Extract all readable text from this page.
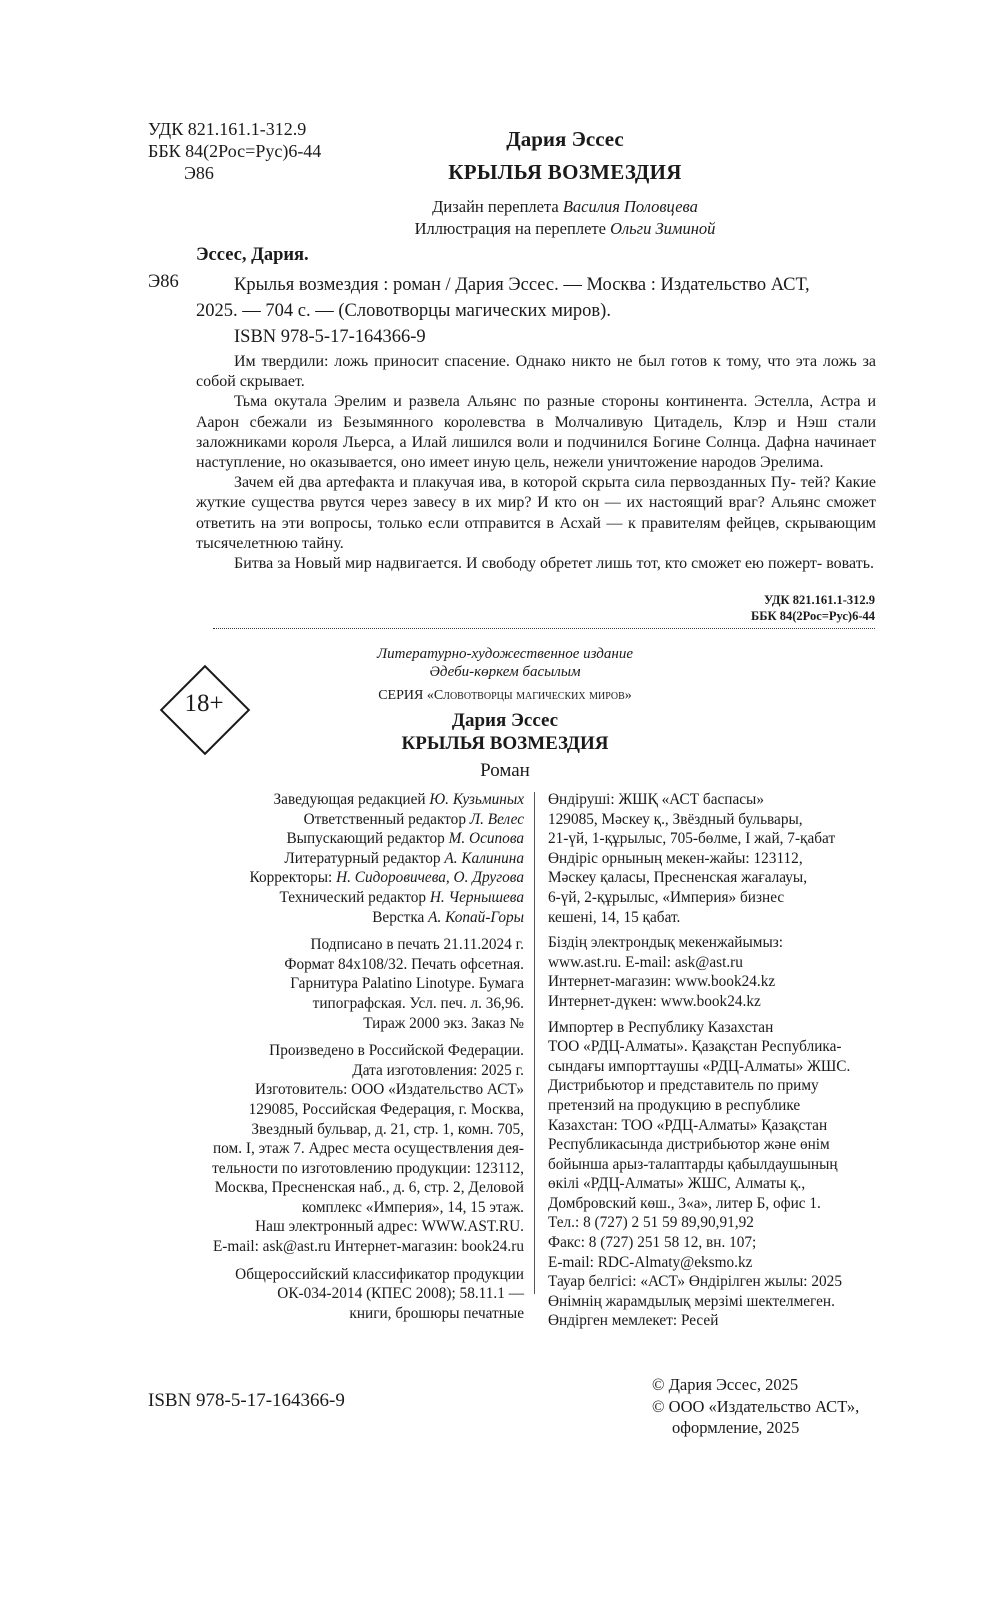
УДК 821.161.1-312.9
ББК 84(2Рос=Рус)6-44
Э86
Дария Эссес
КРЫЛЬЯ ВОЗМЕЗДИЯ
Дизайн переплета Василия Половцева
Иллюстрация на переплете Ольги Зиминой
Эссес, Дария.
Э86	Крылья возмездия : роман / Дария Эссес. — Москва : Издательство АСТ,
2025. — 704 с. — (Словотворцы магических миров).
ISBN 978-5-17-164366-9

Им твердили: ложь приносит спасение. Однако никто не был готов к тому, что эта ложь за собой скрывает.

Тьма окутала Эрелим и развела Альянс по разные стороны континента. Эстелла, Астра и Аарон сбежали из Безымянного королевства в Молчаливую Цитадель, Клэр и Нэш стали заложниками короля Льерса, а Илай лишился воли и подчинился Богине Солнца. Дафна начинает наступление, но оказывается, оно имеет иную цель, нежели уничтожение народов Эрелима.

Зачем ей два артефакта и плакучая ива, в которой скрыта сила первозданных Пу- тей? Какие жуткие существа рвутся через завесу в их мир? И кто он — их настоящий враг? Альянс сможет ответить на эти вопросы, только если отправится в Асхай — к правителям фейцев, скрывающим тысячелетнюю тайну.

Битва за Новый мир надвигается. И свободу обретет лишь тот, кто сможет ею пожерт- вовать.

УДК 821.161.1-312.9
ББК 84(2Рос=Рус)6-44
Литературно-художественное издание
Әдеби-көркем басылым
СЕРИЯ «Словотворцы магических миров»
18+
Дария Эссес
КРЫЛЬЯ ВОЗМЕЗДИЯ
Роман
Заведующая редакцией Ю. Кузьминых
Ответственный редактор Л. Велес
Выпускающий редактор М. Осипова
Литературный редактор А. Калинина
Корректоры: Н. Сидоровичева, О. Другова
Технический редактор Н. Чернышева
Верстка А. Копай-Горы
Подписано в печать 21.11.2024 г.
Формат 84x108/32. Печать офсетная.
Гарнитура Palatino Linotype. Бумага
типографская. Усл. печ. л. 36,96.
Тираж 2000 экз. Заказ №
Произведено в Российской Федерации.
Дата изготовления: 2025 г.
Изготовитель: ООО «Издательство АСТ»
129085, Российская Федерация, г. Москва,
Звездный бульвар, д. 21, стр. 1, комн. 705,
пом. I, этаж 7. Адрес места осуществления дея-
тельности по изготовлению продукции: 123112,
Москва, Пресненская наб., д. 6, стр. 2, Деловой
комплекс «Империя», 14, 15 этаж.
Наш электронный адрес: WWW.AST.RU.
E-mail: ask@ast.ru Интернет-магазин: book24.ru
Общероссийский классификатор продукции
ОК-034-2014 (КПЕС 2008); 58.11.1 —
книги, брошюры печатные
Өндіруші: ЖШҚ «АСТ баспасы»
129085, Мәскеу қ., Звёздный бульвары,
21-үй, 1-құрылыс, 705-бөлме, I жай, 7-қабат
Өндіріс орнының мекен-жайы: 123112,
Мәскеу қаласы, Пресненская жағалауы,
6-үй, 2-құрылыс, «Империя» бизнес
кешені, 14, 15 қабат.
Біздің электрондық мекенжайымыз:
www.ast.ru. E-mail: ask@ast.ru
Интернет-магазин: www.book24.kz
Интернет-дүкен: www.book24.kz
Импортер в Республику Казахстан
ТОО «РДЦ-Алматы». Қазақстан Республика-
сындағы импорттаушы «РДЦ-Алматы» ЖШС.
Дистрибьютор и представитель по приму
претензий на продукцию в республике
Казахстан: ТОО «РДЦ-Алматы» Қазақстан
Республикасында дистрибьютор және өнім
бойынша арыз-талаптарды қабылдаушының
өкілі «РДЦ-Алматы» ЖШС, Алматы қ.,
Домбровский көш., 3«а», литер Б, офис 1.
Тел.: 8 (727) 2 51 59 89,90,91,92
Факс: 8 (727) 251 58 12, вн. 107;
E-mail: RDC-Almaty@eksmo.kz
Тауар белгісі: «АСТ» Өндірілген жылы: 2025
Өнімнің жарамдылық мерзімі шектелмеген.
Өндірген мемлекет: Ресей
© Дария Эссес, 2025
© ООО «Издательство АСТ»,
оформление, 2025
ISBN 978-5-17-164366-9
